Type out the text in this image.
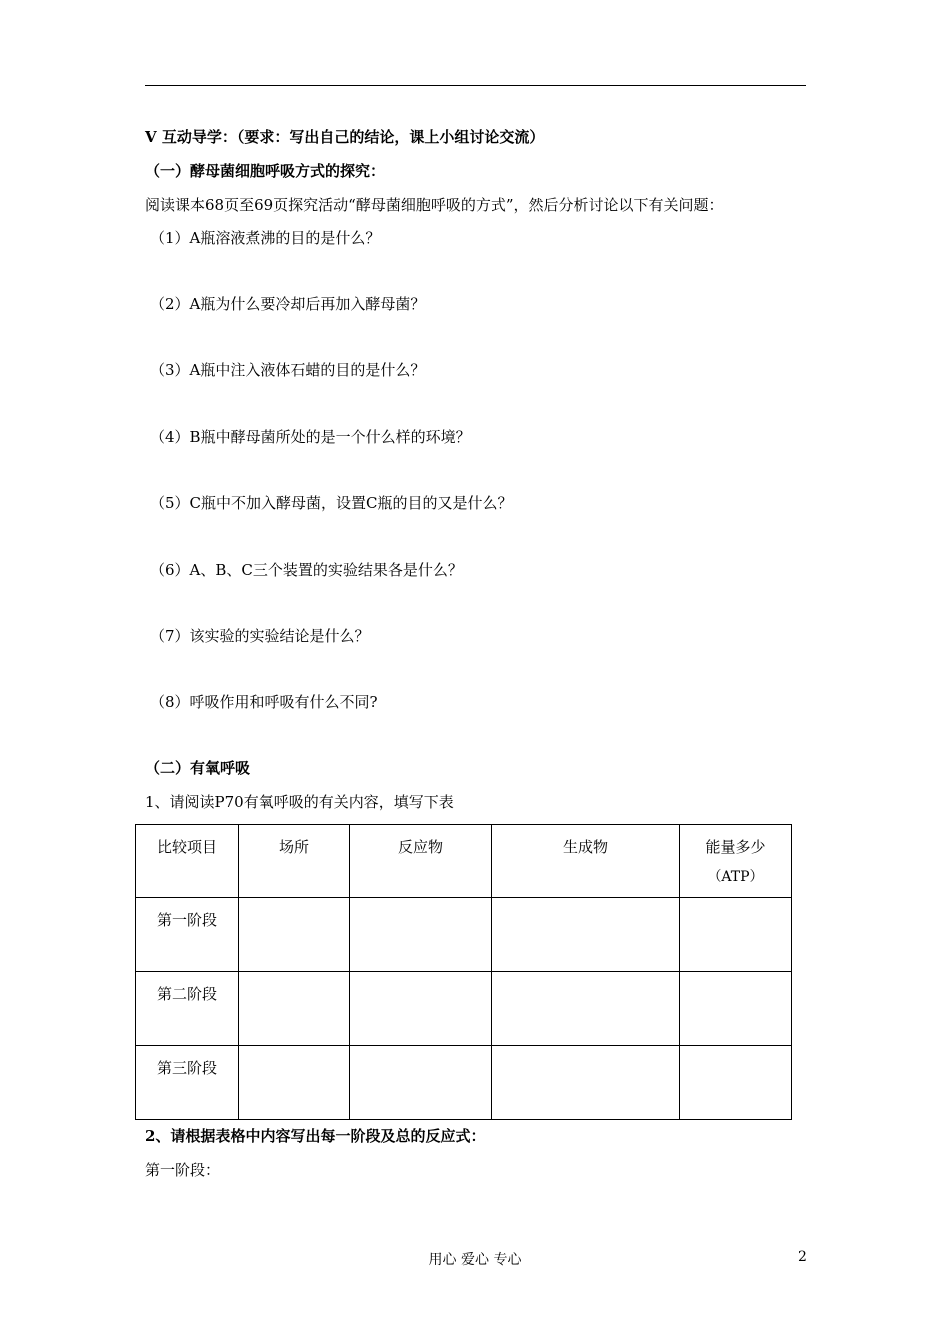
V 互动导学：（要求：写出自己的结论，课上小组讨论交流）
（一）酵母菌细胞呼吸方式的探究：
阅读课本68页至69页探究活动“酵母菌细胞呼吸的方式”，然后分析讨论以下有关问题：
（1）A瓶溶液煮沸的目的是什么？
（2）A瓶为什么要冷却后再加入酵母菌？
（3）A瓶中注入液体石蜡的目的是什么？
（4）B瓶中酵母菌所处的是一个什么样的环境？
（5）C瓶中不加入酵母菌，设置C瓶的目的又是什么？
（6）A、B、C三个装置的实验结果各是什么？
（7）该实验的实验结论是什么？
（8）呼吸作用和呼吸有什么不同?
（二）有氧呼吸
1、请阅读P70有氧呼吸的有关内容，填写下表
比较项目	场所	反应物	生成物	能量多少
（ATP）

第一阶段				
第二阶段				
第三阶段				
2、请根据表格中内容写出每一阶段及总的反应式：
第一阶段：
用心 爱心 专心	2
